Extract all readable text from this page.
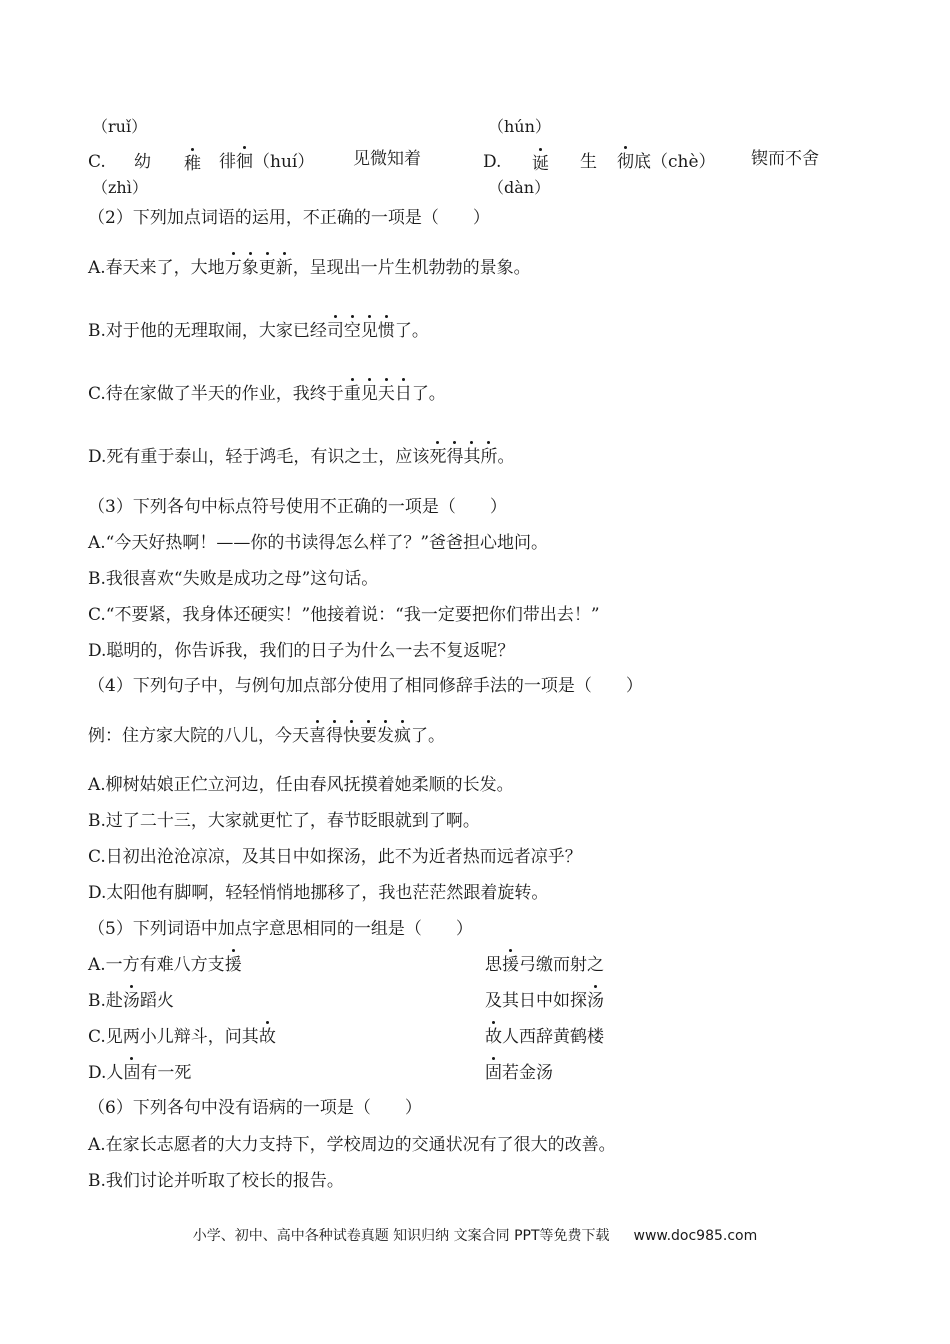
（ruǐ）
C. 幼 稚 徘徊（huí） 见微知着
（zhì）
（hún）
D. 诞 生 彻底（chè） 锲而不舍
（dàn）
（2）下列加点词语的运用，不正确的一项是（　　）
A.春天来了，大地万象更新，呈现出一片生机勃勃的景象。
B.对于他的无理取闹，大家已经司空见惯了。
C.待在家做了半天的作业，我终于重见天日了。
D.死有重于泰山，轻于鸿毛，有识之士，应该死得其所。
（3）下列各句中标点符号使用不正确的一项是（　　）
A.“今天好热啊！——你的书读得怎么样了？”爸爸担心地问。
B.我很喜欢“失败是成功之母”这句话。
C.“不要紧，我身体还硬实！”他接着说：“我一定要把你们带出去！”
D.聪明的，你告诉我，我们的日子为什么一去不复返呢？
（4）下列句子中，与例句加点部分使用了相同修辞手法的一项是（　　）
例：住方家大院的八儿，今天喜得快要发疯了。
A.柳树姑娘正伫立河边，任由春风抚摸着她柔顺的长发。
B.过了二十三，大家就更忙了，春节眨眼就到了啊。
C.日初出沧沧凉凉，及其日中如探汤，此不为近者热而远者凉乎？
D.太阳他有脚啊，轻轻悄悄地挪移了，我也茫茫然跟着旋转。
（5）下列词语中加点字意思相同的一组是（　　）
A.一方有难八方支援	思援弓缴而射之
B.赴汤蹈火	及其日中如探汤
C.见两小儿辩斗，问其故	故人西辞黄鹤楼
D.人固有一死	固若金汤
（6）下列各句中没有语病的一项是（　　）
A.在家长志愿者的大力支持下，学校周边的交通状况有了很大的改善。
B.我们讨论并听取了校长的报告。
小学、初中、高中各种试卷真题 知识归纳 文案合同 PPT等免费下载 www.doc985.com
